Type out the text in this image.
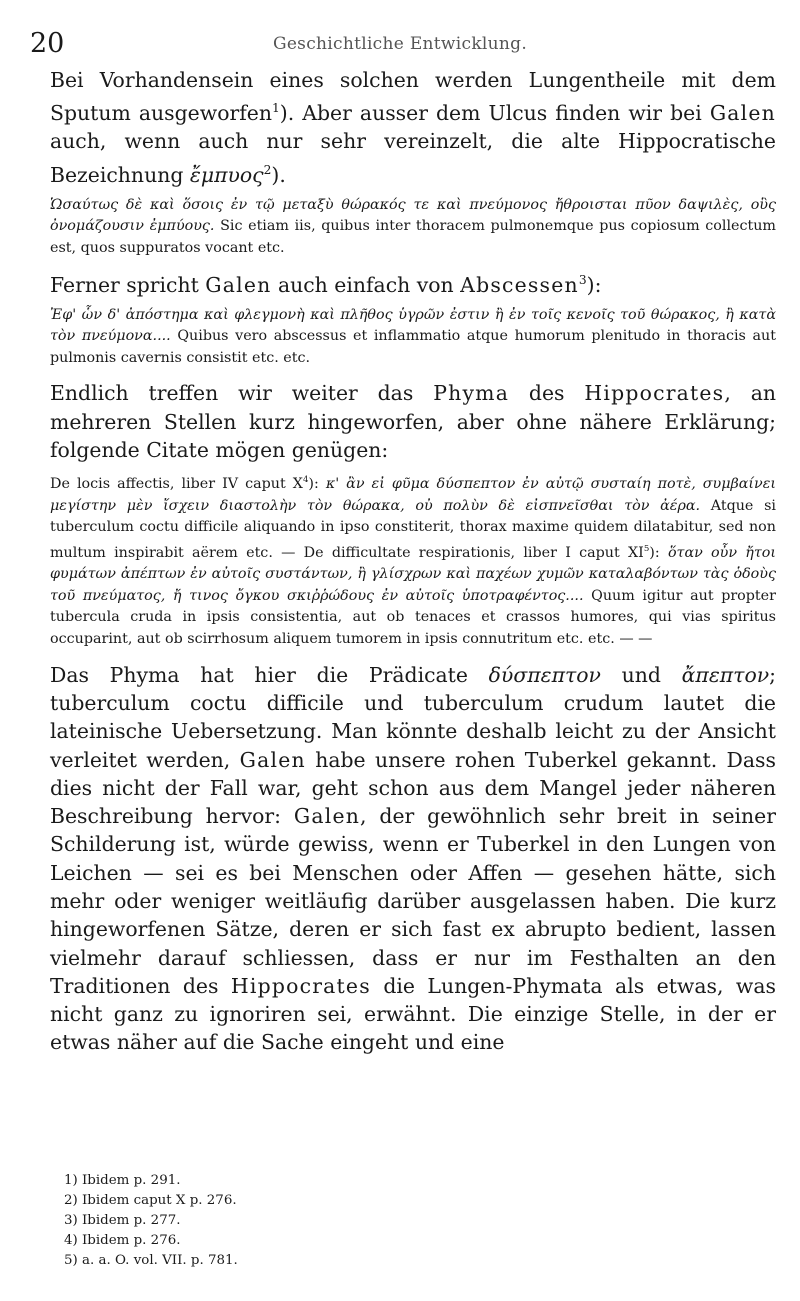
20	Geschichtliche Entwicklung.

Bei Vorhandensein eines solchen werden Lungentheile mit dem Sputum ausgeworfen$^1$). Aber ausser dem Ulcus finden wir bei Galen auch, wenn auch nur sehr vereinzelt, die alte Hippocratische Bezeichnung ἔμπυος$^2$).

Ὡσαύτως δὲ καὶ ὅσοις ἐν τῷ μεταξὺ θώρακός τε καὶ πνεύμονος ἤθροισται πῦον δαψιλὲς, οὓς ὀνομάζουσιν ἐμπύους. Sic etiam iis, quibus inter thoracem pulmonemque pus copiosum collectum est, quos suppuratos vocant etc.

Ferner spricht Galen auch einfach von Abscessen$^3$):

Ἐφ' ὧν δ' ἀπόστημα καὶ φλεγμονὴ καὶ πλῆθος ὑγρῶν ἐστιν ἢ ἐν τοῖς κενοῖς τοῦ θώρακος, ἢ κατὰ τὸν πνεύμονα.... Quibus vero abscessus et inflammatio atque humorum plenitudo in thoracis aut pulmonis cavernis consistit etc. etc.

Endlich treffen wir weiter das Phyma des Hippocrates, an mehreren Stellen kurz hingeworfen, aber ohne nähere Erklärung; folgende Citate mögen genügen:

De locis affectis, liber IV caput $X^4$): κ' ἂν εἰ φῦμα δύσπεπτον ἐν αὐτῷ συσταίη ποτὲ, συμβαίνει μεγίστην μὲν ἴσχειν διαστολὴν τὸν θώρακα, οὐ πολὺν δὲ εἰσπνεῖσθαι τὸν ἀέρα. Atque si tuberculum coctu difficile aliquando in ipso constiterit, thorax maxime quidem dilatabitur, sed non multum inspirabit aërem etc. — De difficultate respirationis, liber I caput $XI^5$): ὅταν οὖν ἤτοι φυμάτων ἀπέπτων ἐν αὐτοῖς συστάντων, ἢ γλίσχρων καὶ παχέων χυμῶν καταλαβόντων τὰς ὁδοὺς τοῦ πνεύματος, ἤ τινος ὄγκου σκιῤῥώδους ἐν αὐτοῖς ὑποτραφέντος.... Quum igitur aut propter tubercula cruda in ipsis consistentia, aut ob tenaces et crassos humores, qui vias spiritus occuparint, aut ob scirrhosum aliquem tumorem in ipsis connutritum etc. etc. — —

Das Phyma hat hier die Prädicate δύσπεπτον und ἄπεπτον; tuberculum coctu difficile und tuberculum crudum lautet die lateinische Uebersetzung. Man könnte deshalb leicht zu der Ansicht verleitet werden, Galen habe unsere rohen Tuberkel gekannt. Dass dies nicht der Fall war, geht schon aus dem Mangel jeder näheren Beschreibung hervor: Galen, der gewöhnlich sehr breit in seiner Schilderung ist, würde gewiss, wenn er Tuberkel in den Lungen von Leichen — sei es bei Menschen oder Affen — gesehen hätte, sich mehr oder weniger weitläufig darüber ausgelassen haben. Die kurz hingeworfenen Sätze, deren er sich fast ex abrupto bedient, lassen vielmehr darauf schliessen, dass er nur im Festhalten an den Traditionen des Hippocrates die Lungen-Phymata als etwas, was nicht ganz zu ignoriren sei, erwähnt. Die einzige Stelle, in der er etwas näher auf die Sache eingeht und eine

1) Ibidem p. 291.

2) Ibidem caput X p. 276.

3) Ibidem p. 277.

4) Ibidem p. 276.

5) a. a. O. vol. VII. p. 781.
